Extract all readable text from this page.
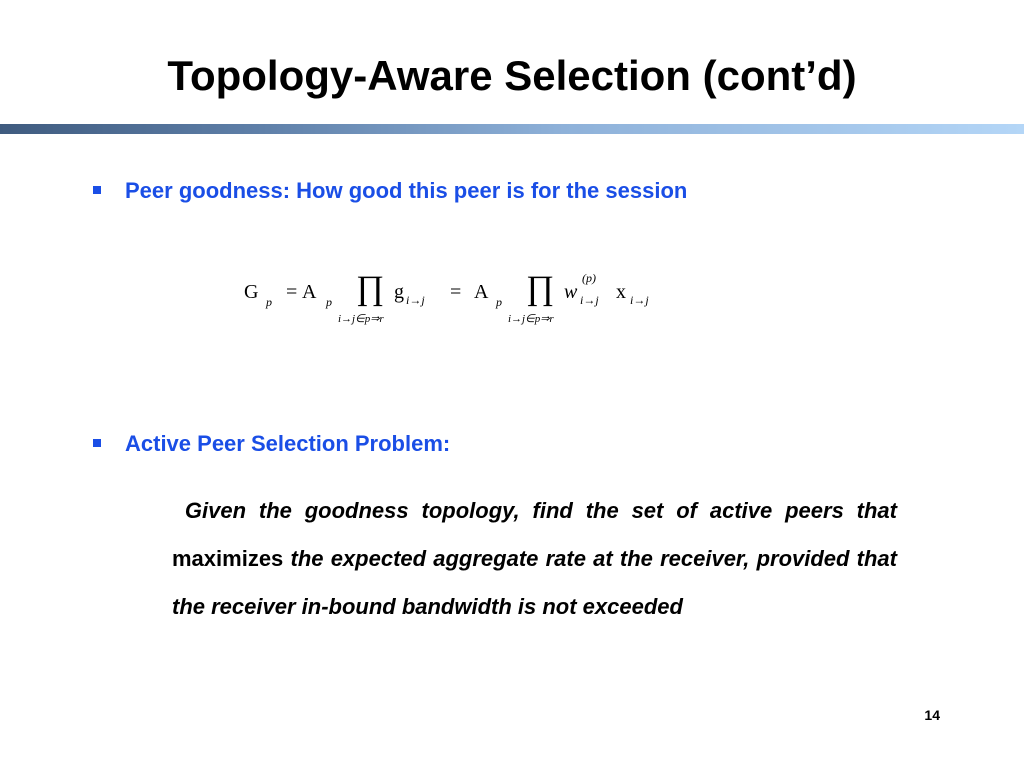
Topology-Aware Selection (cont’d)
Peer goodness: How good this peer is for the session
G p = A p ∏
i→j∈p⇒r
g i→j = A p ∏
i→j∈p⇒r
w
(p)
i→j x i→j
Active Peer Selection Problem:
Given the goodness topology, find the set of active peers that maximizes the expected aggregate rate at the receiver, provided that the receiver in-bound bandwidth is not exceeded
14
